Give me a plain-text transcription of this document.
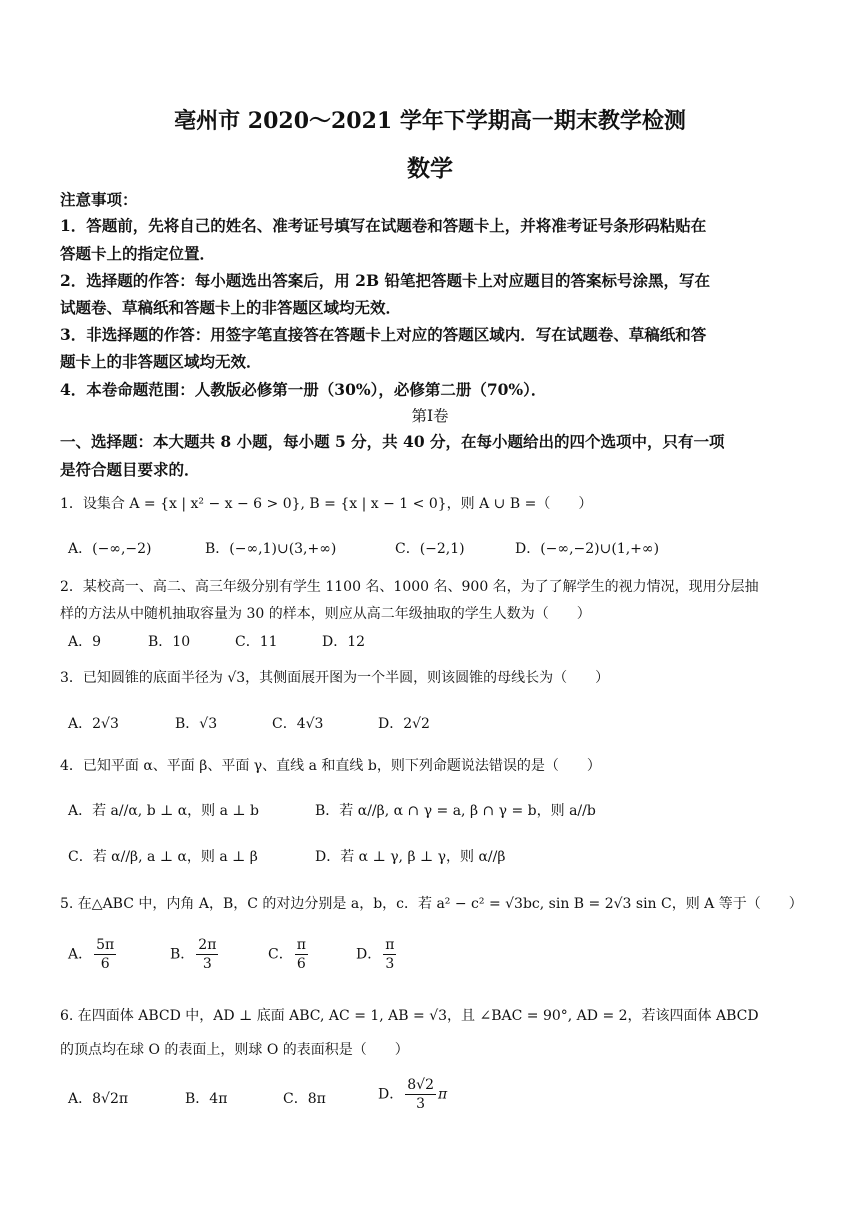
亳州市 2020～2021 学年下学期高一期末教学检测
数学
注意事项：
1．答题前，先将自己的姓名、准考证号填写在试题卷和答题卡上，并将准考证号条形码粘贴在
答题卡上的指定位置．
2．选择题的作答：每小题选出答案后，用 2B 铅笔把答题卡上对应题目的答案标号涂黑，写在
试题卷、草稿纸和答题卡上的非答题区域均无效．
3．非选择题的作答：用签字笔直接答在答题卡上对应的答题区域内．写在试题卷、草稿纸和答
题卡上的非答题区域均无效．
4．本卷命题范围：人教版必修第一册（30%），必修第二册（70%）．
第Ⅰ卷
一、选择题：本大题共 8 小题，每小题 5 分，共 40 分，在每小题给出的四个选项中，只有一项
是符合题目要求的．
1．设集合 A = {x | x² − x − 6 > 0}, B = {x | x − 1 < 0}，则 A ∪ B =（　　）
A．(−∞,−2)	B．(−∞,1)∪(3,+∞)	C．(−2,1)	D．(−∞,−2)∪(1,+∞)
2．某校高一、高二、高三年级分别有学生 1100 名、1000 名、900 名，为了了解学生的视力情况，现用分层抽
样的方法从中随机抽取容量为 30 的样本，则应从高二年级抽取的学生人数为（　　）
A．9	B．10	C．11	D．12
3．已知圆锥的底面半径为 √3，其侧面展开图为一个半圆，则该圆锥的母线长为（　　）
A．2√3	B．√3	C．4√3	D．2√2
4．已知平面 α、平面 β、平面 γ、直线 a 和直线 b，则下列命题说法错误的是（　　）
A．若 a//α, b ⊥ α，则 a ⊥ b	B．若 α//β, α ∩ γ = a, β ∩ γ = b，则 a//b
C．若 α//β, a ⊥ α，则 a ⊥ β	D．若 α ⊥ γ, β ⊥ γ，则 α//β
5. 在△ABC 中，内角 A，B，C 的对边分别是 a，b，c．若 a² − c² = √3bc, sin B = 2√3 sin C，则 A 等于（　　）
A． $\frac{5\pi}{6}$	B． $\frac{2\pi}{3}$	C． $\frac{\pi}{6}$	D． $\frac{\pi}{3}$
6. 在四面体 ABCD 中，AD ⊥ 底面 ABC, AC = 1, AB = √3，且 ∠BAC = 90°, AD = 2，若该四面体 ABCD
的顶点均在球 O 的表面上，则球 O 的表面积是（　　）
A．8√2π	B．4π	C．8π	D． $\frac{8√2}{3}$ π
